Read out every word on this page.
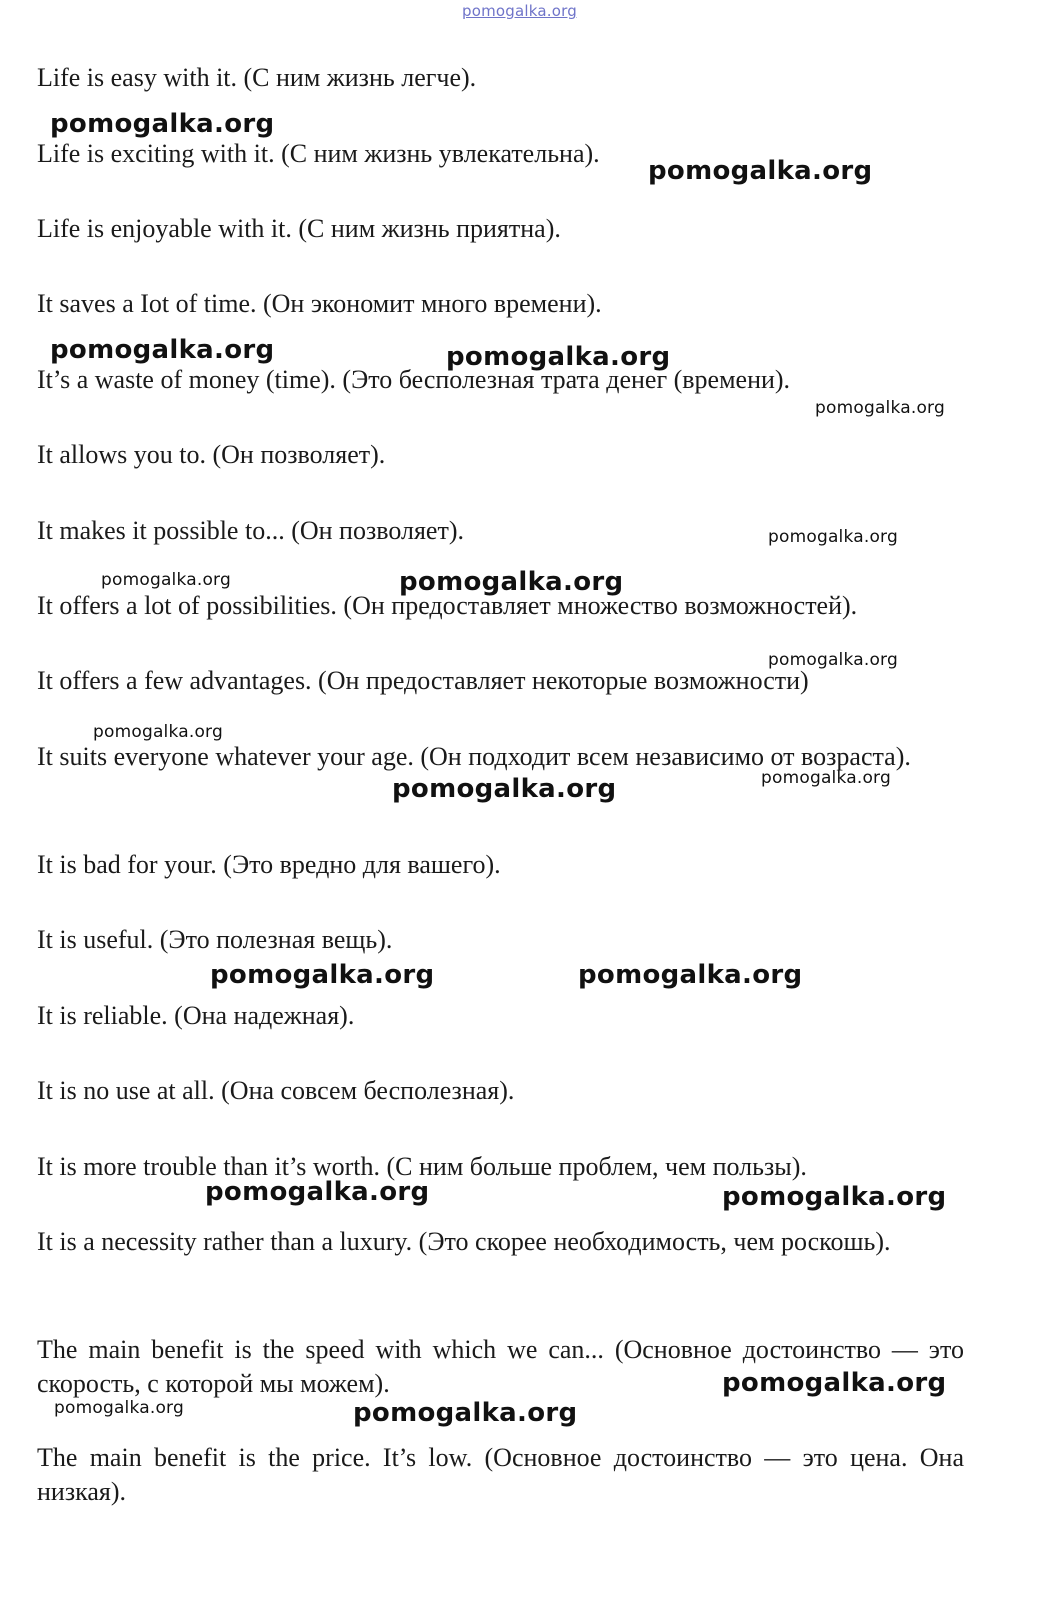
pomogalka.org

Life is easy with it. (С ним жизнь легче).

Life is exciting with it. (С ним жизнь увлекательна).

Life is enjoyable with it. (С ним жизнь приятна).

It saves a Iot of time. (Он экономит много времени).

It’s a waste of money (time). (Это бесполезная трата денег (времени).

It allows you to. (Он позволяет).

It makes it possible to... (Он позволяет).

It offers a lot of possibilities. (Он предоставляет множество возможностей).

It offers a few advantages. (Он предоставляет некоторые возможности)

It suits everyone whatever your age. (Он подходит всем независимо от возраста).

It is bad for your. (Это вредно для вашего).

It is useful. (Это полезная вещь).

It is reliable. (Она надежная).

It is no use at all. (Она совсем бесполезная).

It is more trouble than it’s worth. (С ним больше проблем, чем пользы).

It is a necessity rather than a luxury. (Это скорее необходимость, чем роскошь).

The main benefit is the speed with which we can... (Основное достоинство — это скорость, с которой мы можем).

The main benefit is the price. It’s low. (Основное достоинство — это цена. Она низкая).

pomogalka.org
pomogalka.org
pomogalka.org	pomogalka.org
pomogalka.org
pomogalka.org
pomogalka.org	pomogalka.org
pomogalka.org
pomogalka.org
pomogalka.org
pomogalka.org
pomogalka.org	pomogalka.org
pomogalka.org	pomogalka.org
pomogalka.org
pomogalka.org	pomogalka.org
